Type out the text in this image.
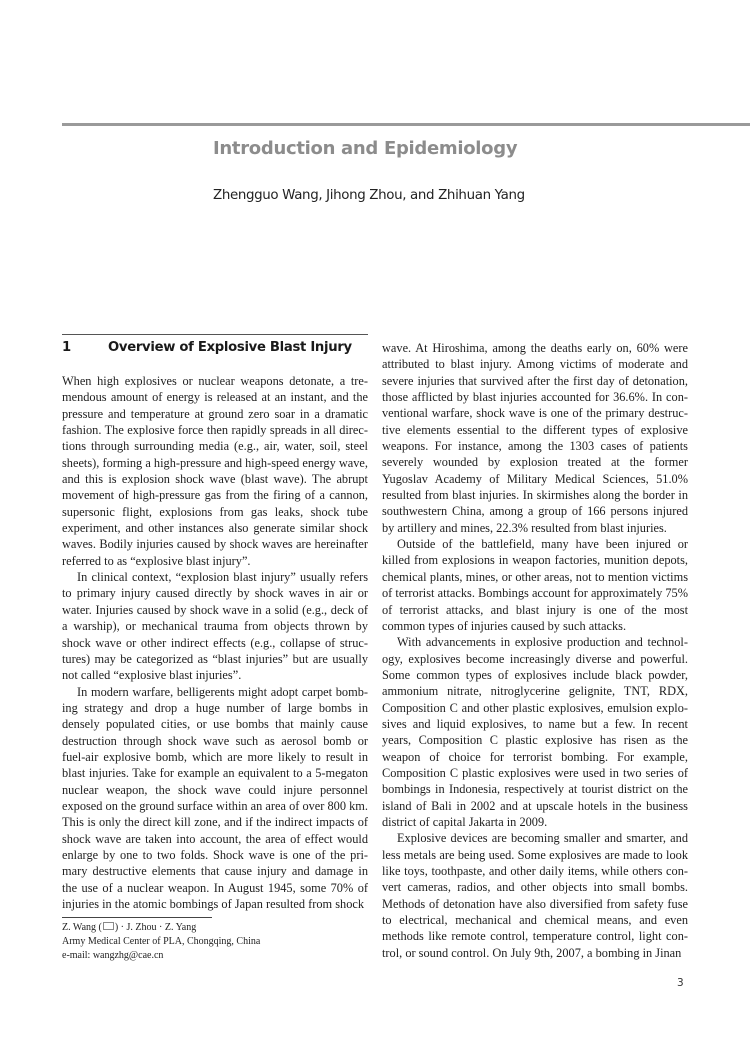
Introduction and Epidemiology

Zhengguo Wang, Jihong Zhou, and Zhihuan Yang

1	Overview of Explosive Blast Injury

When high explosives or nuclear weapons detonate, a tremendous amount of energy is released at an instant, and the pressure and temperature at ground zero soar in a dramatic fashion. The explosive force then rapidly spreads in all directions through surrounding media (e.g., air, water, soil, steel sheets), forming a high-pressure and high-speed energy wave, and this is explosion shock wave (blast wave). The abrupt movement of high-pressure gas from the firing of a cannon, supersonic flight, explosions from gas leaks, shock tube experiment, and other instances also generate similar shock waves. Bodily injuries caused by shock waves are hereinafter referred to as “explosive blast injury”.

In clinical context, “explosion blast injury” usually refers to primary injury caused directly by shock waves in air or water. Injuries caused by shock wave in a solid (e.g., deck of a warship), or mechanical trauma from objects thrown by shock wave or other indirect effects (e.g., collapse of structures) may be categorized as “blast injuries” but are usually not called “explosive blast injuries”.

In modern warfare, belligerents might adopt carpet bombing strategy and drop a huge number of large bombs in densely populated cities, or use bombs that mainly cause destruction through shock wave such as aerosol bomb or fuel-air explosive bomb, which are more likely to result in blast injuries. Take for example an equivalent to a 5-megaton nuclear weapon, the shock wave could injure personnel exposed on the ground surface within an area of over 800 km. This is only the direct kill zone, and if the indirect impacts of shock wave are taken into account, the area of effect would enlarge by one to two folds. Shock wave is one of the primary destructive elements that cause injury and damage in the use of a nuclear weapon. In August 1945, some 70% of injuries in the atomic bombings of Japan resulted from shock

wave. At Hiroshima, among the deaths early on, 60% were attributed to blast injury. Among victims of moderate and severe injuries that survived after the first day of detonation, those afflicted by blast injuries accounted for 36.6%. In conventional warfare, shock wave is one of the primary destructive elements essential to the different types of explosive weapons. For instance, among the 1303 cases of patients severely wounded by explosion treated at the former Yugoslav Academy of Military Medical Sciences, 51.0% resulted from blast injuries. In skirmishes along the border in southwestern China, among a group of 166 persons injured by artillery and mines, 22.3% resulted from blast injuries.

Outside of the battlefield, many have been injured or killed from explosions in weapon factories, munition depots, chemical plants, mines, or other areas, not to mention victims of terrorist attacks. Bombings account for approximately 75% of terrorist attacks, and blast injury is one of the most common types of injuries caused by such attacks.

With advancements in explosive production and technology, explosives become increasingly diverse and powerful. Some common types of explosives include black powder, ammonium nitrate, nitroglycerine gelignite, TNT, RDX, Composition C and other plastic explosives, emulsion explosives and liquid explosives, to name but a few. In recent years, Composition C plastic explosive has risen as the weapon of choice for terrorist bombing. For example, Composition C plastic explosives were used in two series of bombings in Indonesia, respectively at tourist district on the island of Bali in 2002 and at upscale hotels in the business district of capital Jakarta in 2009.

Explosive devices are becoming smaller and smarter, and less metals are being used. Some explosives are made to look like toys, toothpaste, and other daily items, while others convert cameras, radios, and other objects into small bombs. Methods of detonation have also diversified from safety fuse to electrical, mechanical and chemical means, and even methods like remote control, temperature control, light control, or sound control. On July 9th, 2007, a bombing in Jinan

Z. Wang ( ) · J. Zhou · Z. Yang
Army Medical Center of PLA, Chongqing, China
e-mail: wangzhg@cae.cn
3
